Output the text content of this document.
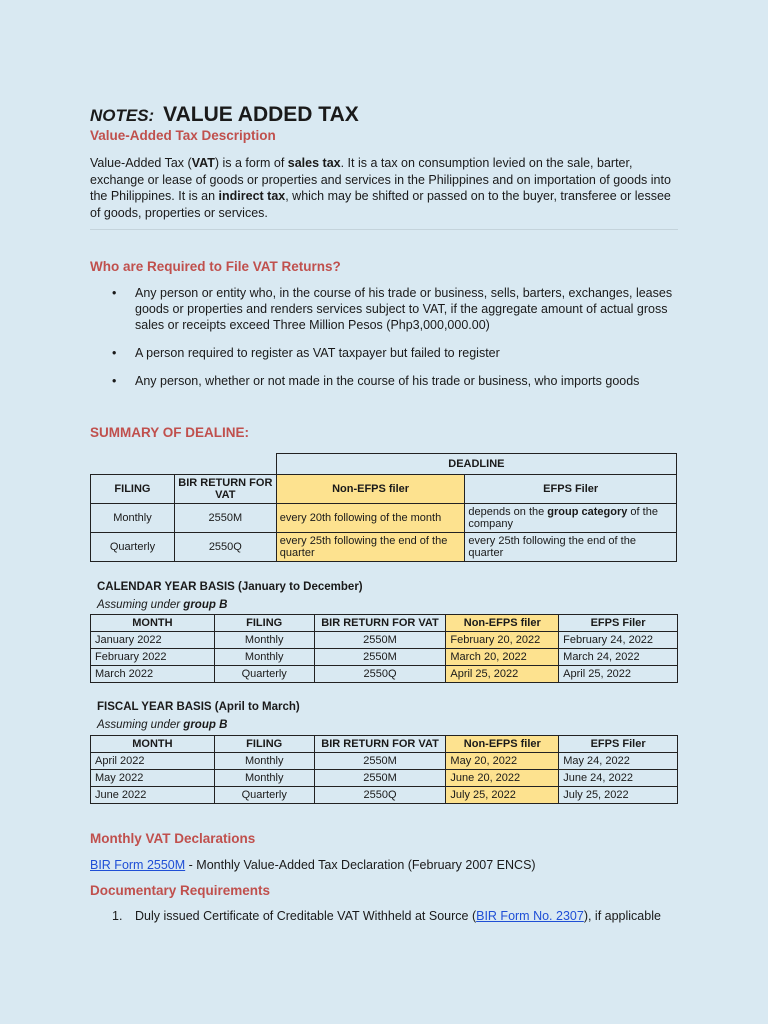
NOTES: VALUE ADDED TAX
Value-Added Tax Description

Value-Added Tax (VAT) is a form of sales tax. It is a tax on consumption levied on the sale, barter, exchange or lease of goods or properties and services in the Philippines and on importation of goods into the Philippines. It is an indirect tax, which may be shifted or passed on to the buyer, transferee or lessee of goods, properties or services.

Who are Required to File VAT Returns?
• Any person or entity who, in the course of his trade or business, sells, barters, exchanges, leases goods or properties and renders services subject to VAT, if the aggregate amount of actual gross sales or receipts exceed Three Million Pesos (Php3,000,000.00)
• A person required to register as VAT taxpayer but failed to register
• Any person, whether or not made in the course of his trade or business, who imports goods
SUMMARY OF DEALINE:
		DEADLINE	
FILING	BIR RETURN FOR VAT	Non-EFPS filer	EFPS Filer
Monthly	2550M	every 20th following of the month	depends on the group category of the company
Quarterly	2550Q	every 25th following the end of the quarter	every 25th following the end of the quarter
CALENDAR YEAR BASIS (January to December)

Assuming under group B

MONTH	FILING	BIR RETURN FOR VAT	Non-EFPS filer	EFPS Filer
January 2022	Monthly	2550M	February 20, 2022	February 24, 2022
February 2022	Monthly	2550M	March 20, 2022	March 24, 2022
March 2022	Quarterly	2550Q	April 25, 2022	April 25, 2022
FISCAL YEAR BASIS (April to March)

Assuming under group B

MONTH	FILING	BIR RETURN FOR VAT	Non-EFPS filer	EFPS Filer
April 2022	Monthly	2550M	May 20, 2022	May 24, 2022
May 2022	Monthly	2550M	June 20, 2022	June 24, 2022
June 2022	Quarterly	2550Q	July 25, 2022	July 25, 2022
Monthly VAT Declarations

BIR Form 2550M - Monthly Value-Added Tax Declaration (February 2007 ENCS)

Documentary Requirements
1. Duly issued Certificate of Creditable VAT Withheld at Source (BIR Form No. 2307), if applicable
